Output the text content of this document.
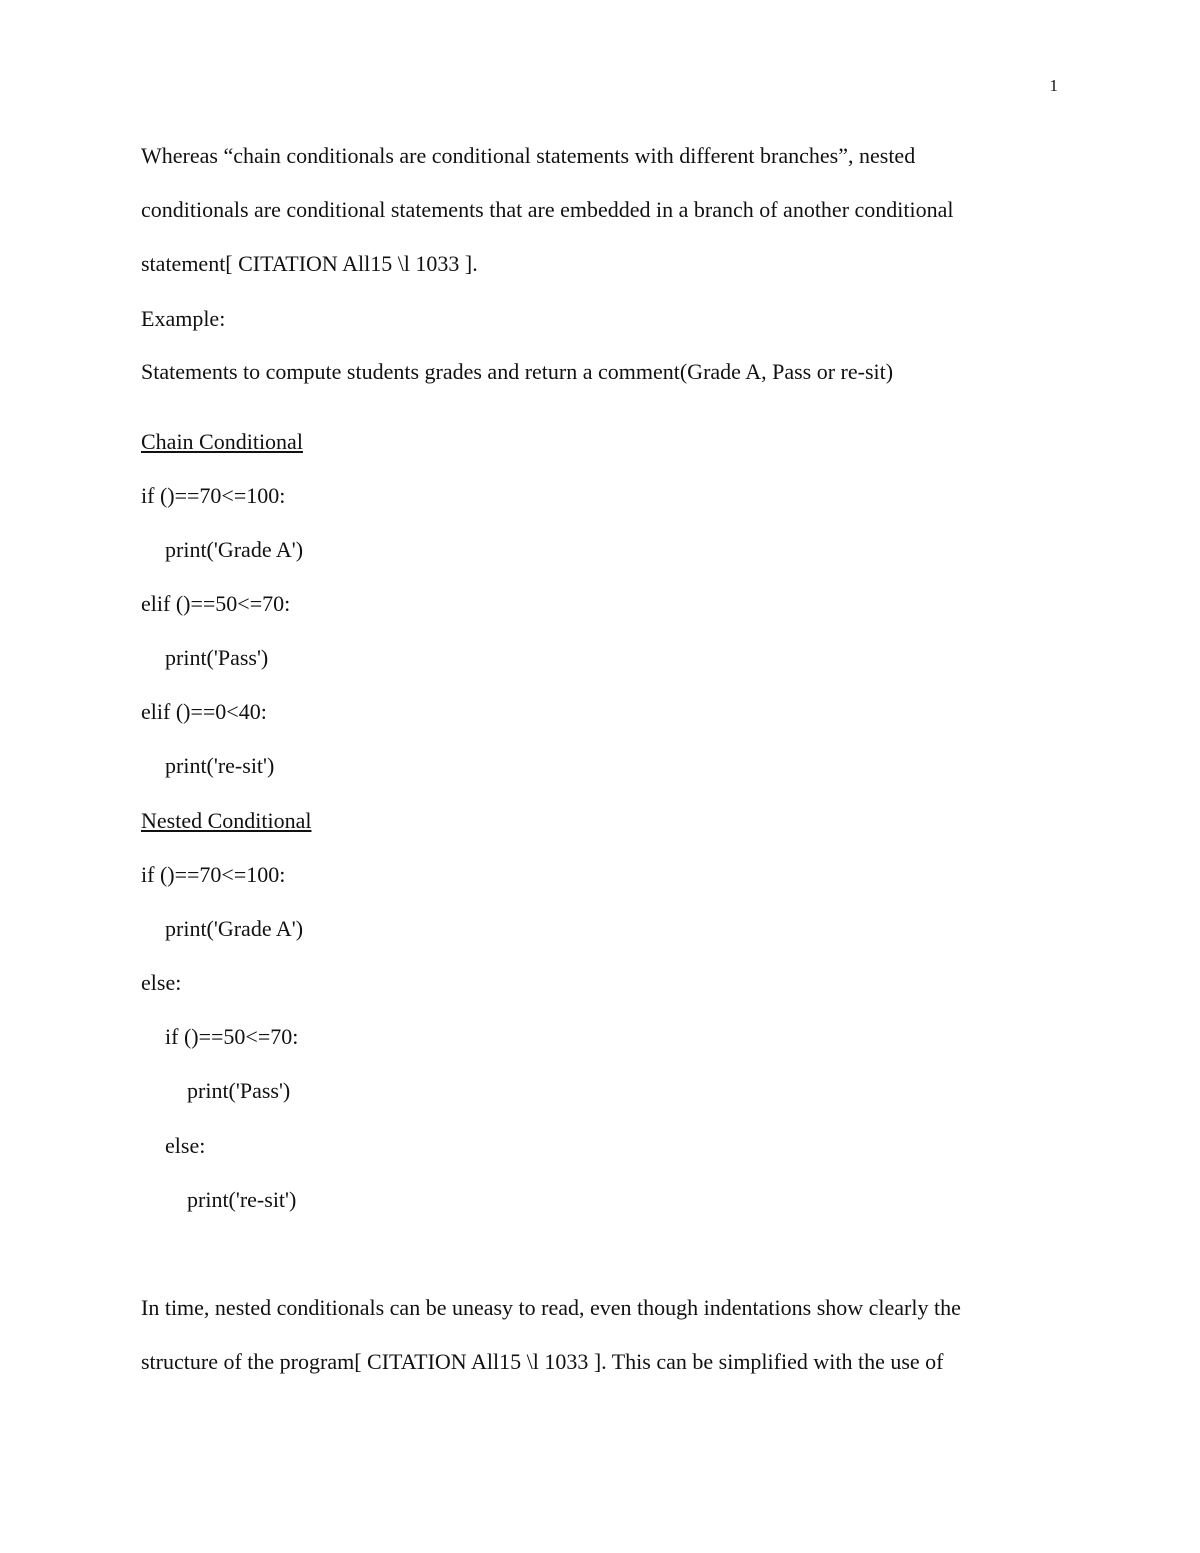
1
Whereas “chain conditionals are conditional statements with different branches”, nested
conditionals are conditional statements that are embedded in a branch of another conditional
statement[ CITATION All15 \l 1033 ].
Example:
Statements to compute students grades and return a comment(Grade A, Pass or re-sit)
Chain Conditional
if ()==70<=100:
print('Grade A')
elif ()==50<=70:
print('Pass')
elif ()==0<40:
print('re-sit')
Nested Conditional
if ()==70<=100:
print('Grade A')
else:
if ()==50<=70:
print('Pass')
else:
print('re-sit')
In time, nested conditionals can be uneasy to read, even though indentations show clearly the
structure of the program[ CITATION All15 \l 1033 ]. This can be simplified with the use of
